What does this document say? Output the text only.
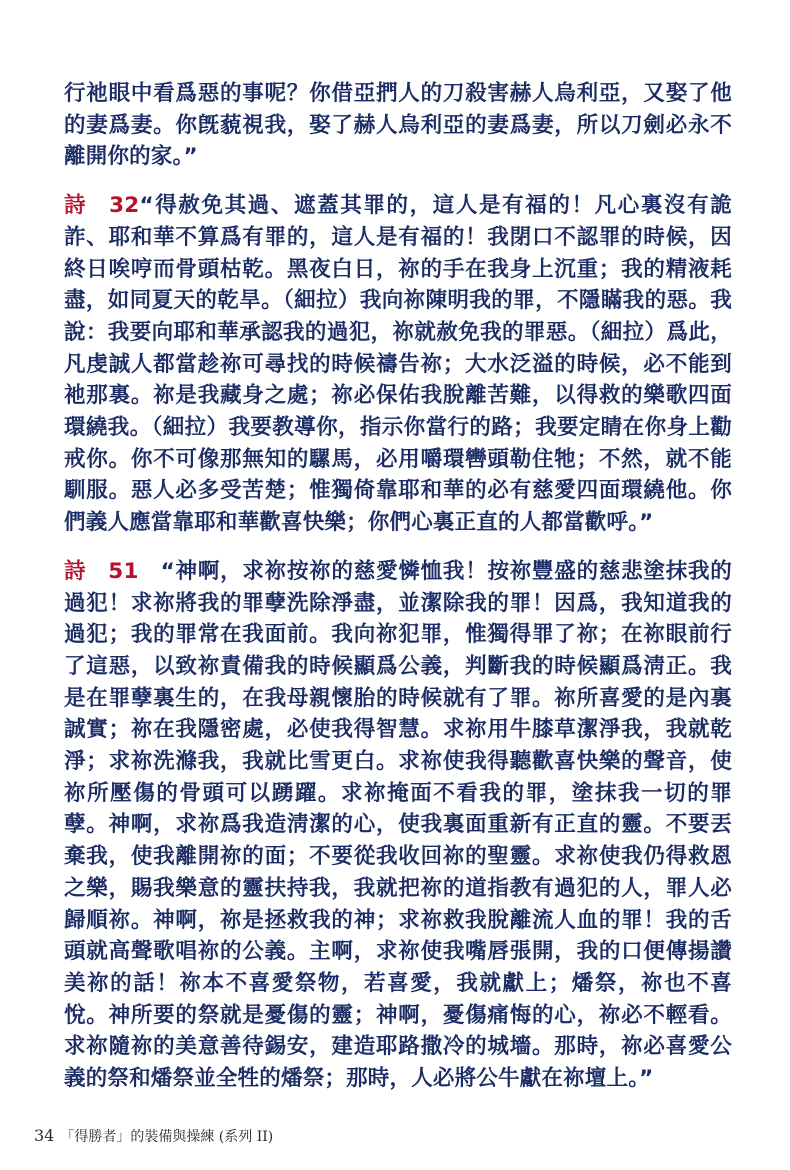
行祂眼中看爲惡的事呢？你借亞捫人的刀殺害赫人烏利亞，又娶了他的妻爲妻。你旣藐視我，娶了赫人烏利亞的妻爲妻，所以刀劍必永不離開你的家。”

詩 32“得赦免其過、遮蓋其罪的，這人是有福的！凡心裏沒有詭詐、耶和華不算爲有罪的，這人是有福的！我閉口不認罪的時候，因終日唉哼而骨頭枯乾。黑夜白日，祢的手在我身上沉重；我的精液耗盡，如同夏天的乾旱。（細拉）我向祢陳明我的罪，不隱瞞我的惡。我說：我要向耶和華承認我的過犯，祢就赦免我的罪惡。（細拉）爲此，凡虔誠人都當趁祢可尋找的時候禱告祢；大水泛溢的時候，必不能到祂那裏。祢是我藏身之處；祢必保佑我脫離苦難，以得救的樂歌四面環繞我。（細拉）我要教導你，指示你當行的路；我要定睛在你身上勸戒你。你不可像那無知的騾馬，必用嚼環轡頭勒住牠；不然，就不能馴服。惡人必多受苦楚；惟獨倚靠耶和華的必有慈愛四面環繞他。你們義人應當靠耶和華歡喜快樂；你們心裏正直的人都當歡呼。”

詩 51 “神啊，求祢按祢的慈愛憐恤我！按祢豐盛的慈悲塗抹我的過犯！求祢將我的罪孽洗除淨盡，並潔除我的罪！因爲，我知道我的過犯；我的罪常在我面前。我向祢犯罪，惟獨得罪了祢；在祢眼前行了這惡，以致祢責備我的時候顯爲公義，判斷我的時候顯爲淸正。我是在罪孽裏生的，在我母親懷胎的時候就有了罪。祢所喜愛的是內裏誠實；祢在我隱密處，必使我得智慧。求祢用牛膝草潔淨我，我就乾淨；求祢洗滌我，我就比雪更白。求祢使我得聽歡喜快樂的聲音，使祢所壓傷的骨頭可以踴躍。求祢掩面不看我的罪，塗抹我一切的罪孽。神啊，求祢爲我造淸潔的心，使我裏面重新有正直的靈。不要丟棄我，使我離開祢的面；不要從我收回祢的聖靈。求祢使我仍得救恩之樂，賜我樂意的靈扶持我，我就把祢的道指教有過犯的人，罪人必歸順祢。神啊，祢是拯救我的神；求祢救我脫離流人血的罪！我的舌頭就高聲歌唱祢的公義。主啊，求祢使我嘴唇張開，我的口便傳揚讚美祢的話！祢本不喜愛祭物，若喜愛，我就獻上；燔祭，祢也不喜悅。神所要的祭就是憂傷的靈；神啊，憂傷痛悔的心，祢必不輕看。求祢隨祢的美意善待錫安，建造耶路撒冷的城墻。那時，祢必喜愛公義的祭和燔祭並全牲的燔祭；那時，人必將公牛獻在祢壇上。”

34 「得勝者」的裝備與操練 (系列 II)
